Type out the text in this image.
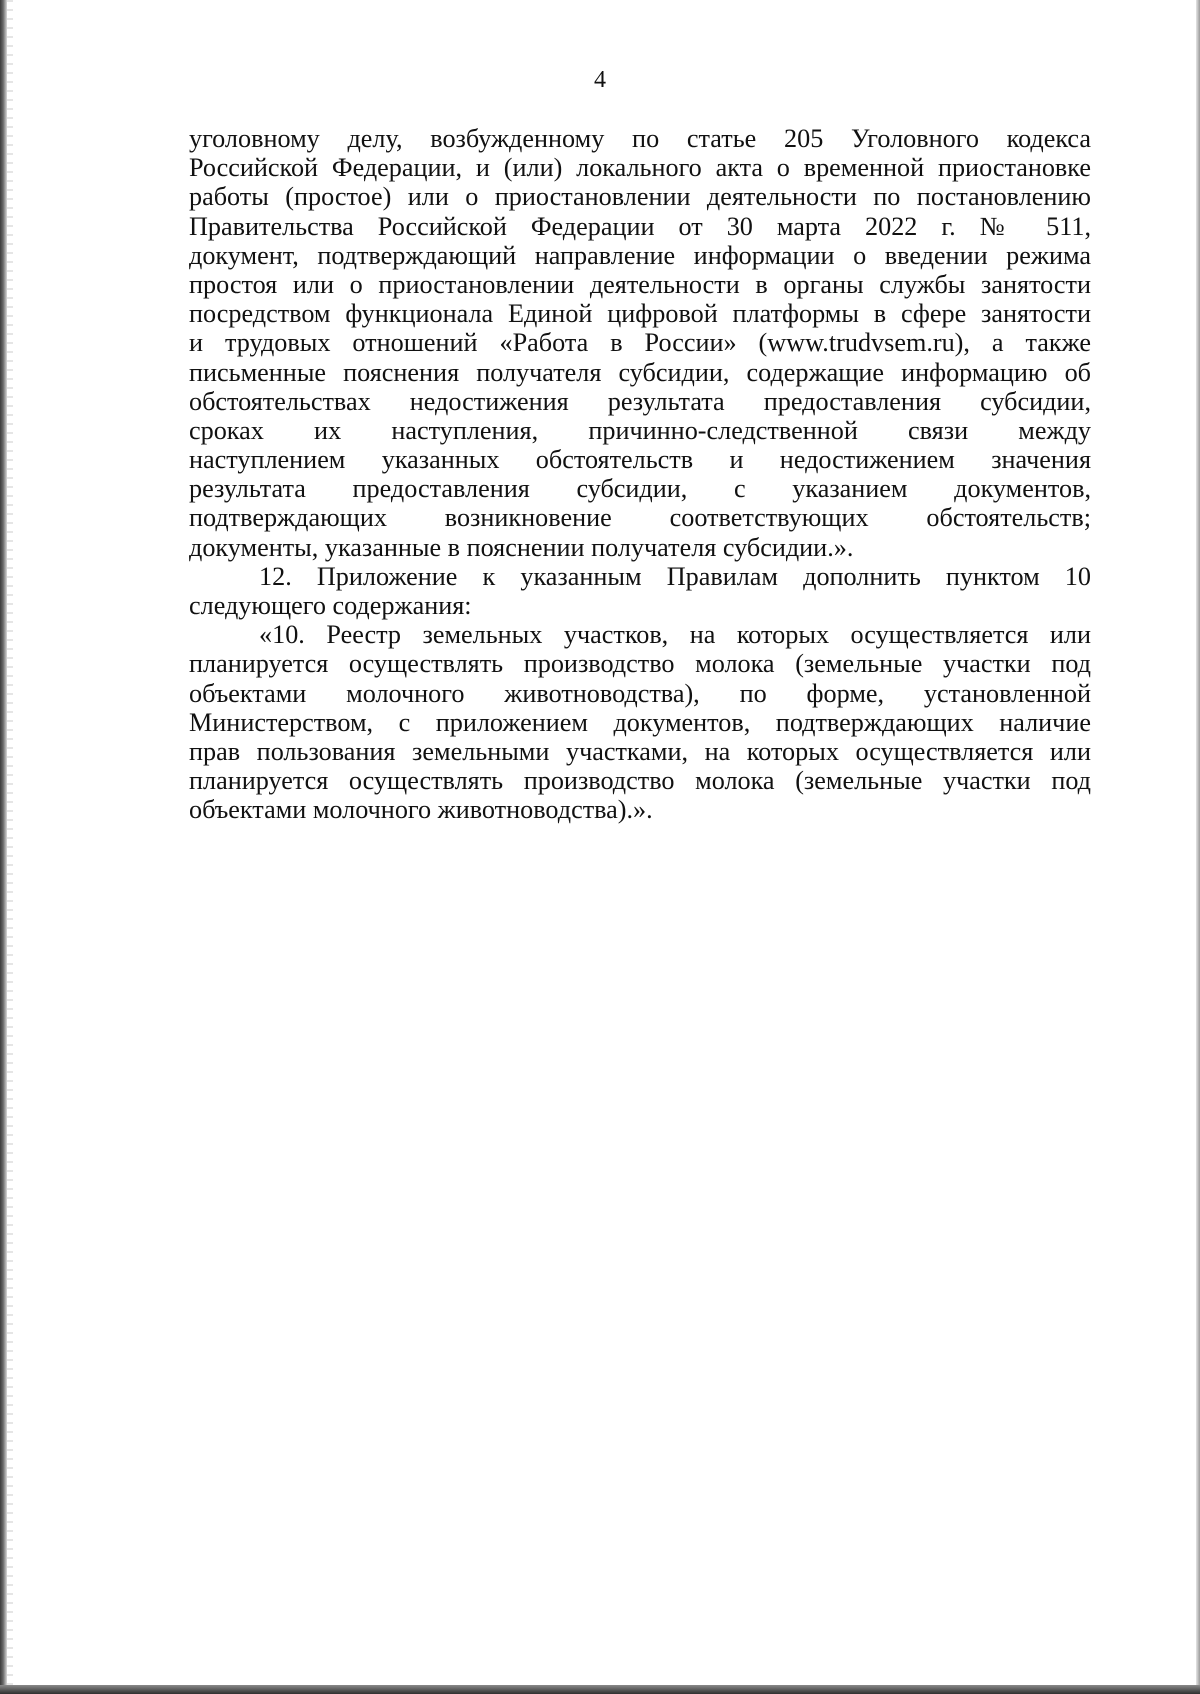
4

уголовному делу, возбужденному по статье 205 Уголовного кодекса
Российской Федерации, и (или) локального акта о временной приостановке
работы (простое) или о приостановлении деятельности по постановлению
Правительства Российской Федерации от 30 марта 2022 г. № 511,
документ, подтверждающий направление информации о введении режима
простоя или о приостановлении деятельности в органы службы занятости
посредством функционала Единой цифровой платформы в сфере занятости
и трудовых отношений «Работа в России» (www.trudvsem.ru), а также
письменные пояснения получателя субсидии, содержащие информацию об
обстоятельствах недостижения результата предоставления субсидии,
сроках их наступления, причинно-следственной связи между
наступлением указанных обстоятельств и недостижением значения
результата предоставления субсидии, с указанием документов,
подтверждающих возникновение соответствующих обстоятельств;
документы, указанные в пояснении получателя субсидии.».

12. Приложение к указанным Правилам дополнить пунктом 10
следующего содержания:

«10. Реестр земельных участков, на которых осуществляется или
планируется осуществлять производство молока (земельные участки под
объектами молочного животноводства), по форме, установленной
Министерством, с приложением документов, подтверждающих наличие
прав пользования земельными участками, на которых осуществляется или
планируется осуществлять производство молока (земельные участки под
объектами молочного животноводства).».
